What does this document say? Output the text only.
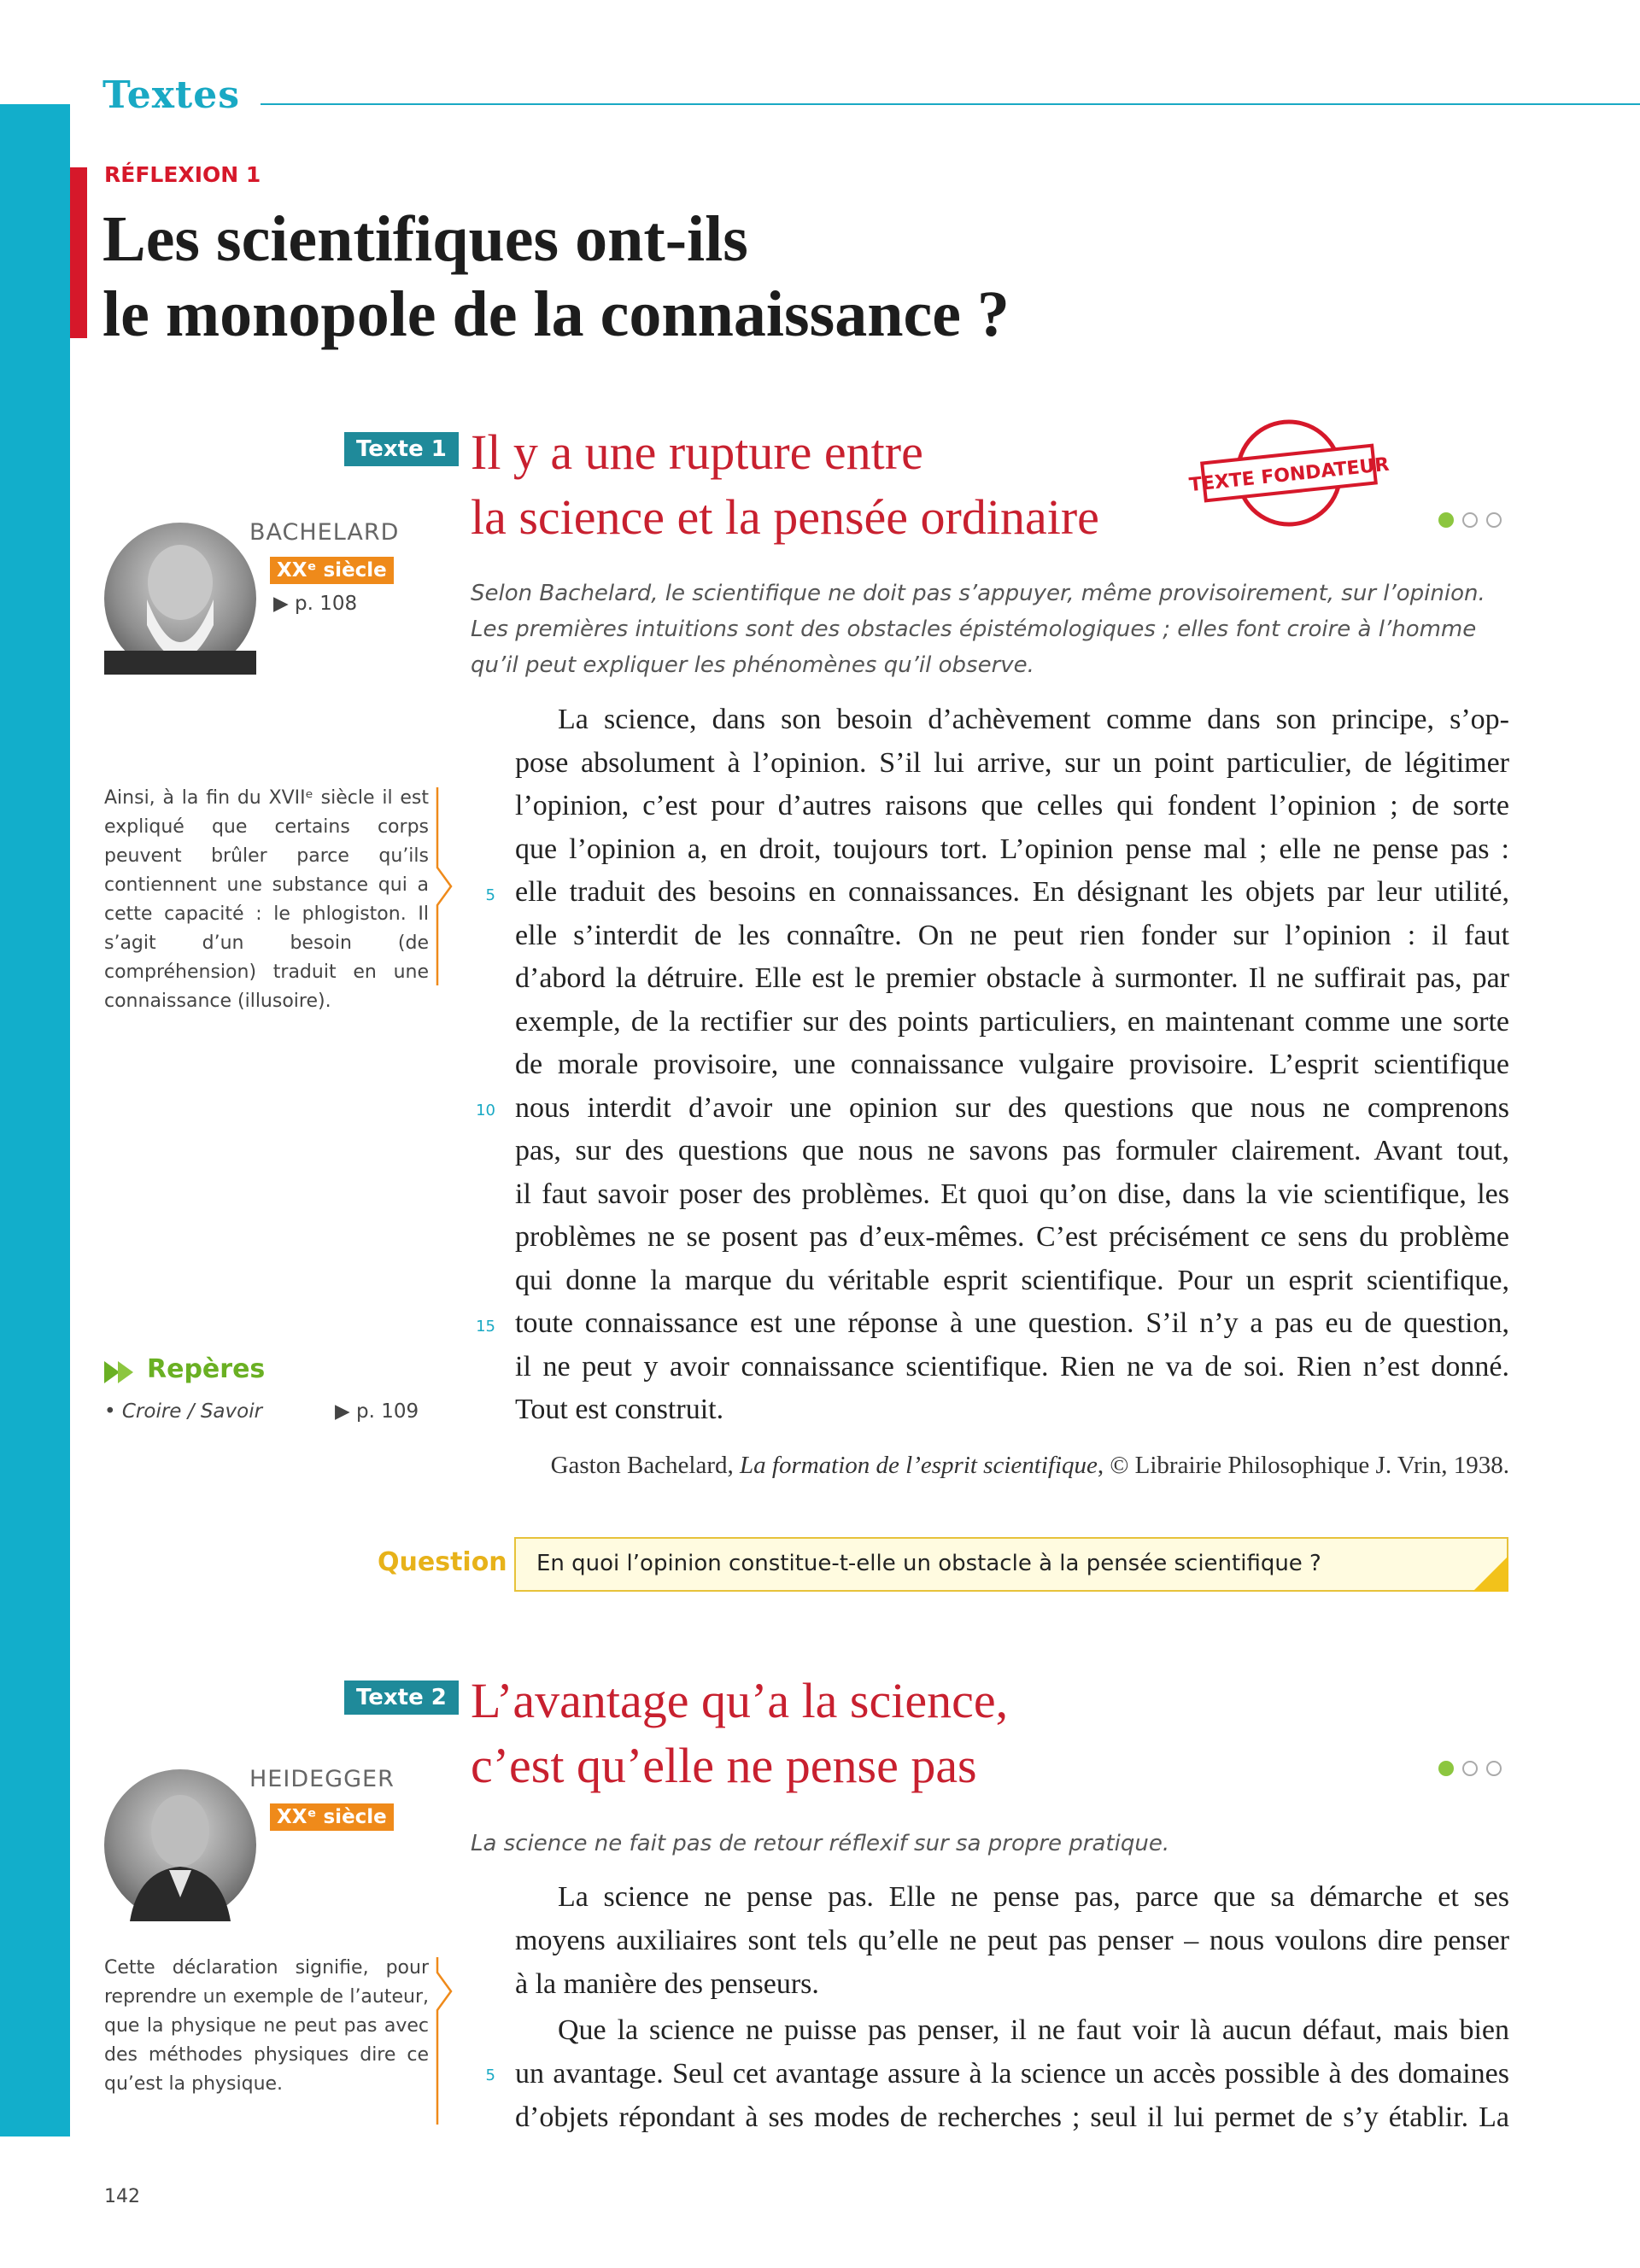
Textes
RÉFLEXION 1
Les scientifiques ont-ils
le monopole de la connaissance ?
Texte 1 Il y a une rupture entre
la science et la pensée ordinaire
TEXTE FONDATEUR
BACHELARD
XXᵉ siècle
▶ p. 108	Selon Bachelard, le scientifique ne doit pas s’appuyer, même provisoirement, sur l’opinion. Les premières intuitions sont des obstacles épistémologiques ; elles font croire à l’homme qu’il peut expliquer les phénomènes qu’il observe.
Ainsi, à la fin du XVIIᵉ siècle il est expliqué que certains corps peuvent brûler parce qu’ils contiennent une substance qui a cette capacité : le phlogiston. Il s’agit d’un besoin (de compréhension) traduit en une connaissance (illusoire).
5
10
15
La science, dans son besoin d’achèvement comme dans son principe, s’op-
pose absolument à l’opinion. S’il lui arrive, sur un point particulier, de légitimer
l’opinion, c’est pour d’autres raisons que celles qui fondent l’opinion ; de sorte
que l’opinion a, en droit, toujours tort. L’opinion pense mal ; elle ne pense pas :
elle traduit des besoins en connaissances. En désignant les objets par leur utilité,
elle s’interdit de les connaître. On ne peut rien fonder sur l’opinion : il faut
d’abord la détruire. Elle est le premier obstacle à surmonter. Il ne suffirait pas, par
exemple, de la rectifier sur des points particuliers, en maintenant comme une sorte
de morale provisoire, une connaissance vulgaire provisoire. L’esprit scientifique
nous interdit d’avoir une opinion sur des questions que nous ne comprenons
pas, sur des questions que nous ne savons pas formuler clairement. Avant tout,
il faut savoir poser des problèmes. Et quoi qu’on dise, dans la vie scientifique, les
problèmes ne se posent pas d’eux-mêmes. C’est précisément ce sens du problème
qui donne la marque du véritable esprit scientifique. Pour un esprit scientifique,
toute connaissance est une réponse à une question. S’il n’y a pas eu de question,
il ne peut y avoir connaissance scientifique. Rien ne va de soi. Rien n’est donné.
Tout est construit.
Gaston Bachelard, La formation de l’esprit scientifique, © Librairie Philosophique J. Vrin, 1938.
Repères
• Croire / Savoir	▶ p. 109
Question En quoi l’opinion constitue-t-elle un obstacle à la pensée scientifique ?
Texte 2 L’avantage qu’a la science,
c’est qu’elle ne pense pas
HEIDEGGER
XXᵉ siècle
La science ne fait pas de retour réflexif sur sa propre pratique.
Cette déclaration signifie, pour reprendre un exemple de l’auteur, que la physique ne peut pas avec des méthodes physiques dire ce qu’est la physique.	5
La science ne pense pas. Elle ne pense pas, parce que sa démarche et ses
moyens auxiliaires sont tels qu’elle ne peut pas penser – nous voulons dire penser
à la manière des penseurs.
Que la science ne puisse pas penser, il ne faut voir là aucun défaut, mais bien
un avantage. Seul cet avantage assure à la science un accès possible à des domaines
d’objets répondant à ses modes de recherches ; seul il lui permet de s’y établir. La
142
